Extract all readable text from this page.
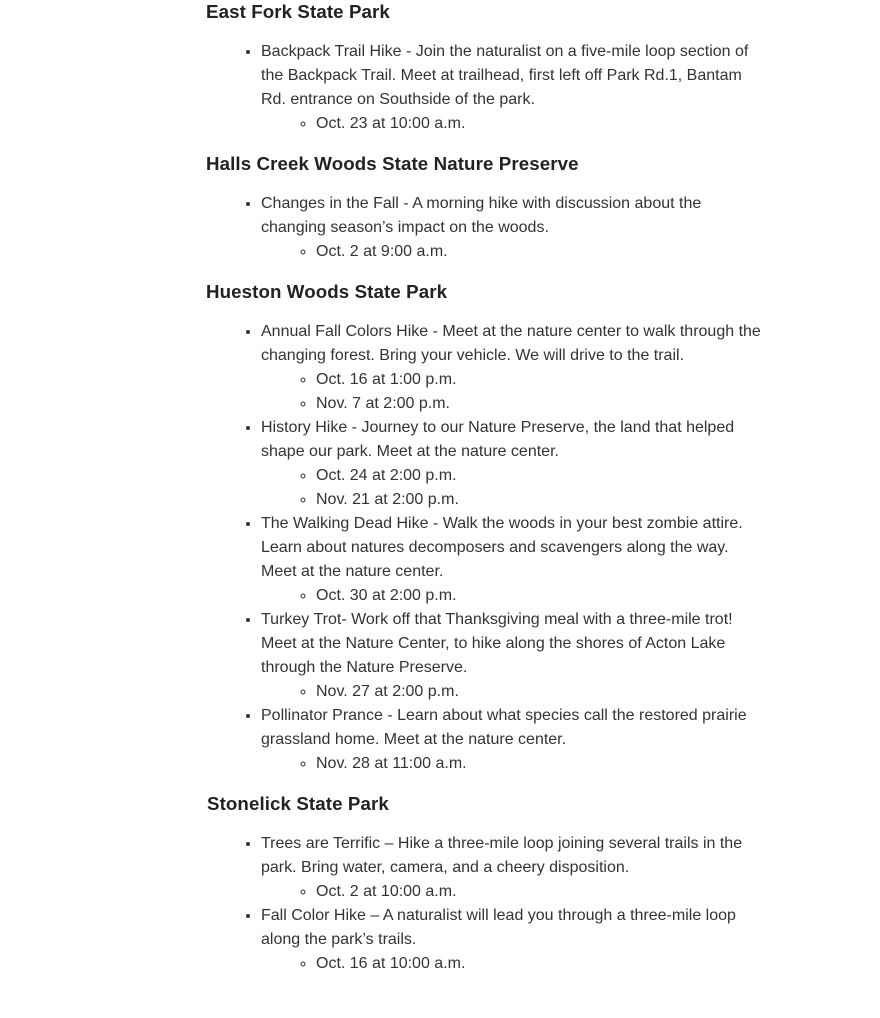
East Fork State Park
• Backpack Trail Hike - Join the naturalist on a five-mile loop section of the Backpack Trail. Meet at trailhead, first left off Park Rd.1, Bantam Rd. entrance on Southside of the park.
◦ Oct. 23 at 10:00 a.m.
Halls Creek Woods State Nature Preserve
• Changes in the Fall - A morning hike with discussion about the changing season’s impact on the woods.
◦ Oct. 2 at 9:00 a.m.
Hueston Woods State Park
• Annual Fall Colors Hike - Meet at the nature center to walk through the changing forest. Bring your vehicle. We will drive to the trail.
◦ Oct. 16 at 1:00 p.m.
◦ Nov. 7 at 2:00 p.m.
• History Hike - Journey to our Nature Preserve, the land that helped shape our park. Meet at the nature center.
◦ Oct. 24 at 2:00 p.m.
◦ Nov. 21 at 2:00 p.m.
• The Walking Dead Hike - Walk the woods in your best zombie attire. Learn about natures decomposers and scavengers along the way. Meet at the nature center.
◦ Oct. 30 at 2:00 p.m.
• Turkey Trot- Work off that Thanksgiving meal with a three-mile trot! Meet at the Nature Center, to hike along the shores of Acton Lake through the Nature Preserve.
◦ Nov. 27 at 2:00 p.m.
• Pollinator Prance - Learn about what species call the restored prairie grassland home. Meet at the nature center.
◦ Nov. 28 at 11:00 a.m.
Stonelick State Park
• Trees are Terrific – Hike a three-mile loop joining several trails in the park. Bring water, camera, and a cheery disposition.
◦ Oct. 2 at 10:00 a.m.
• Fall Color Hike – A naturalist will lead you through a three-mile loop along the park’s trails.
◦ Oct. 16 at 10:00 a.m.
